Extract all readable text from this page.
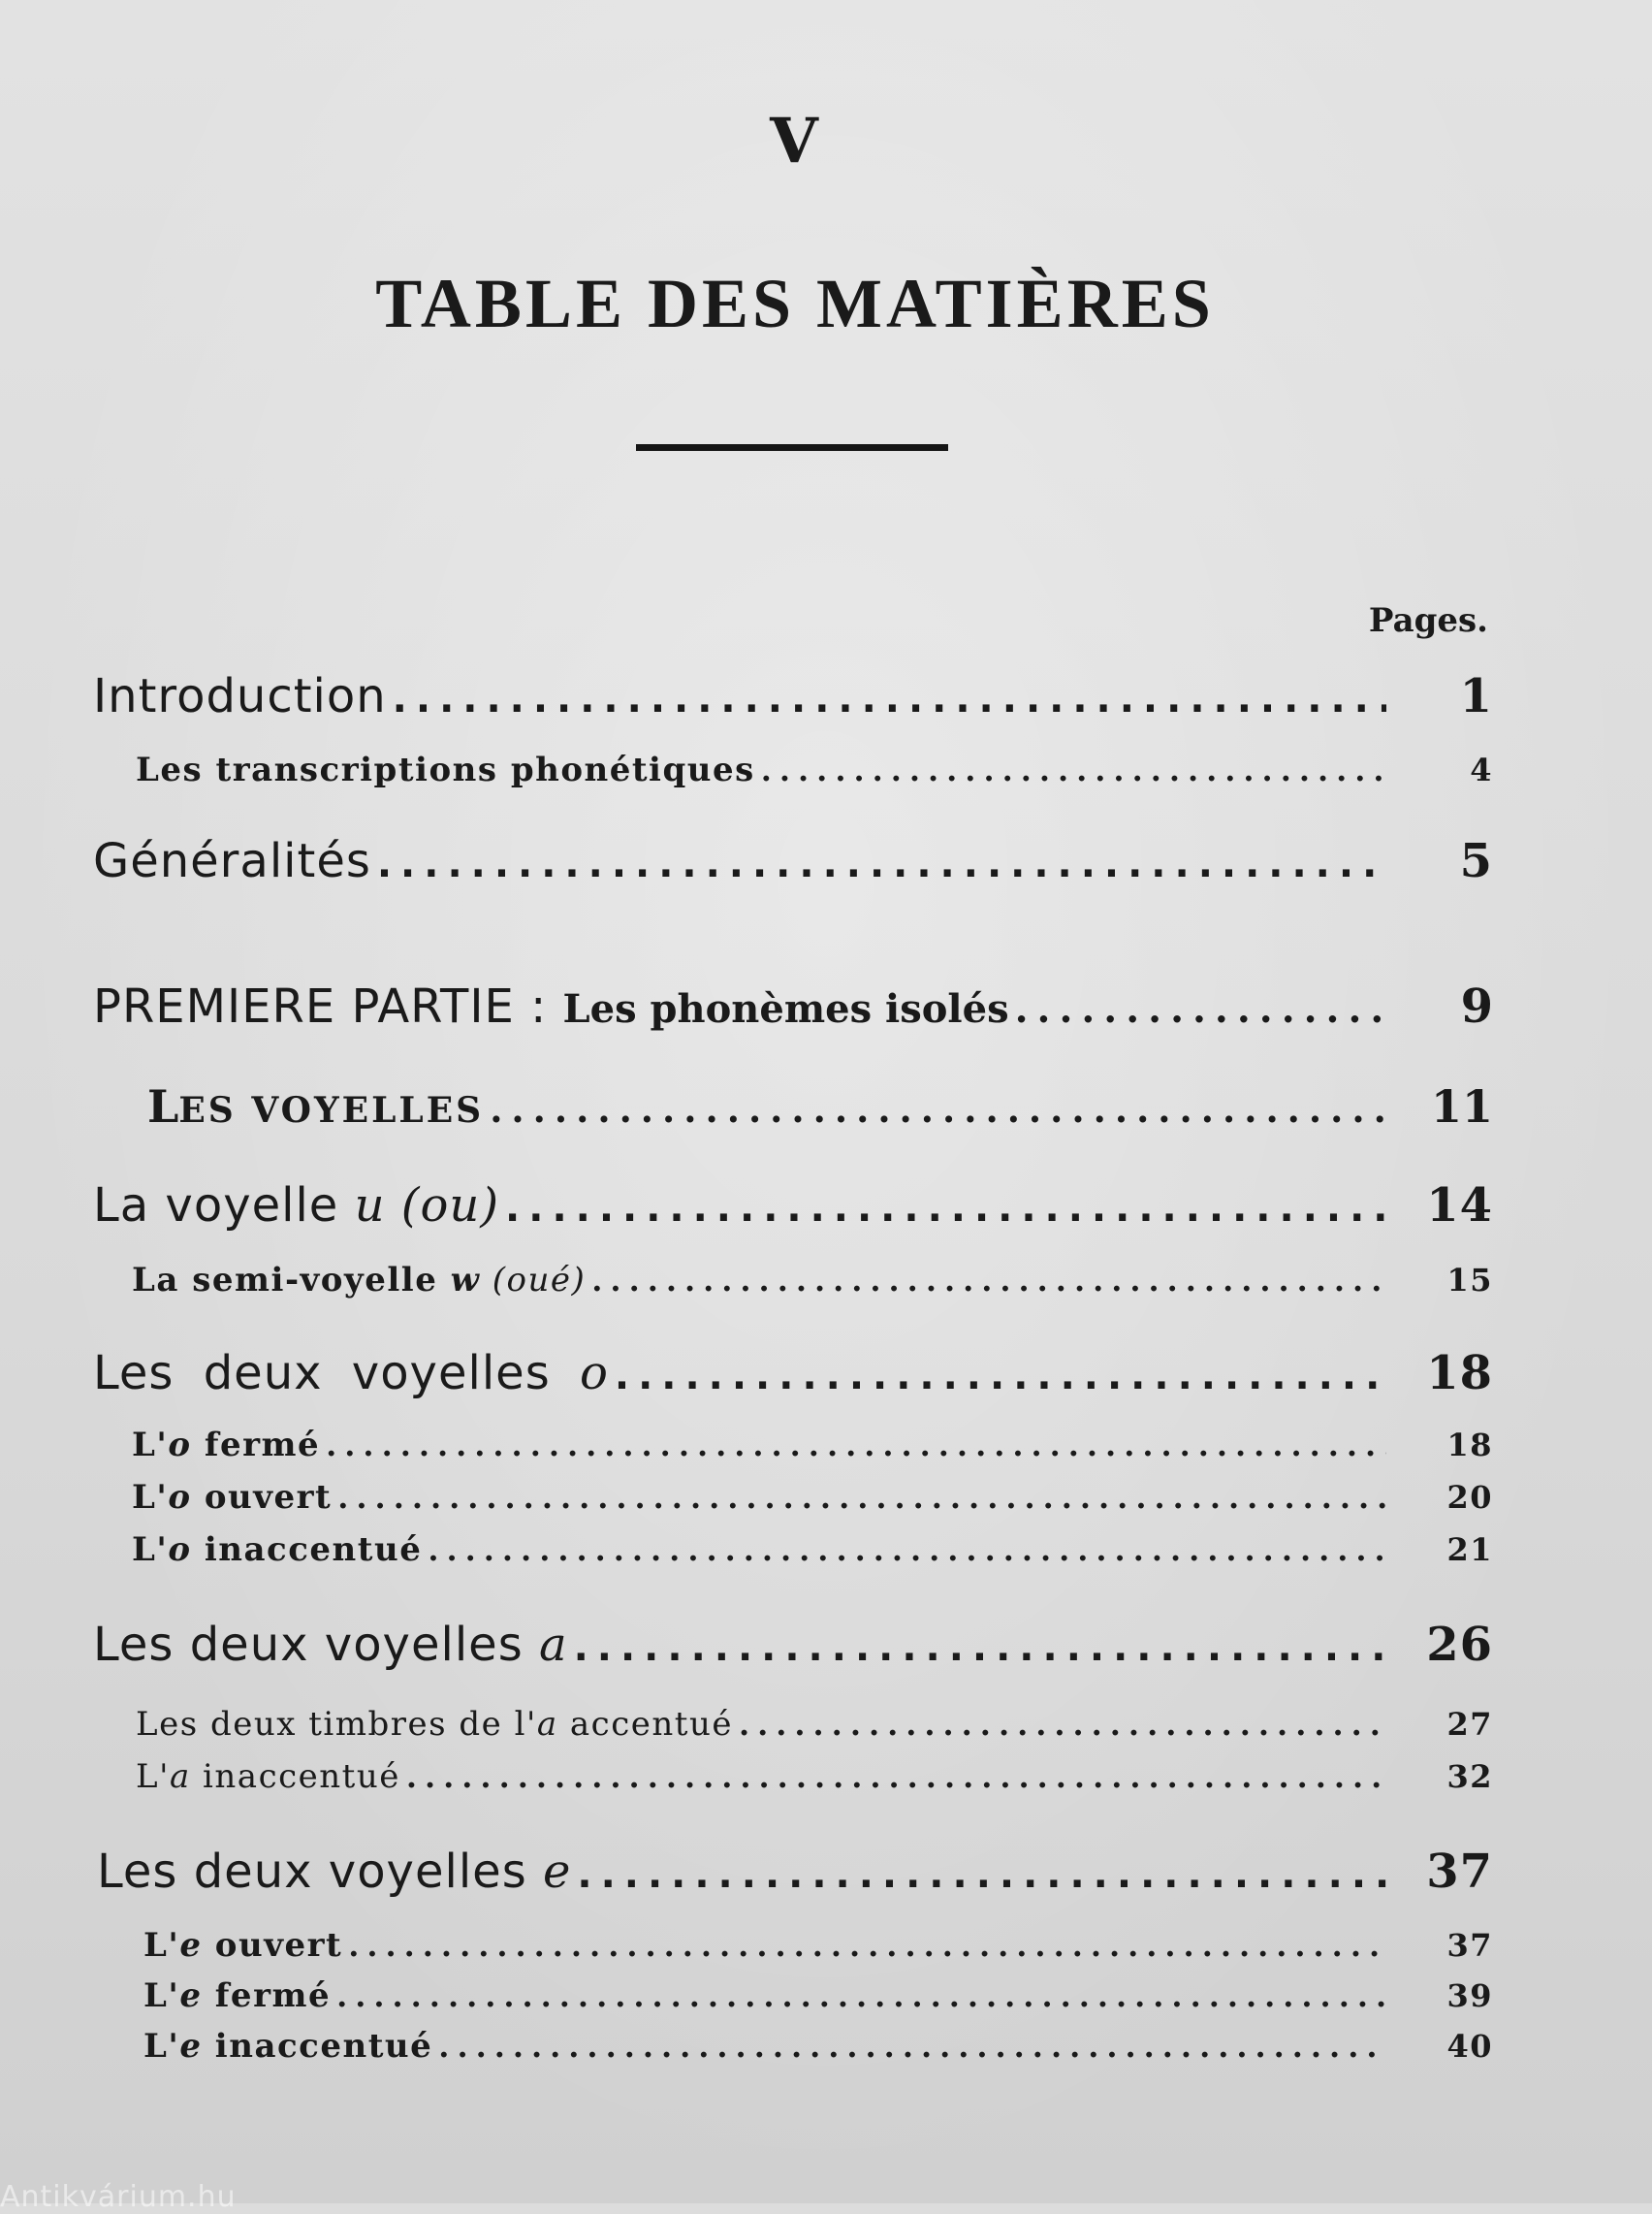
V
TABLE DES MATIÈRES
Pages.
Introduction .....	1
Les transcriptions phonétiques .....	4
Généralités .....	5
PREMIERE PARTIE : Les phonèmes isolés .....	9
LES VOYELLES .....	11
La voyelle u (ou) .....	14
La semi-voyelle w (oué) .....	15
Les deux voyelles o .....	18
L'o fermé .....	18
L'o ouvert .....	20
L'o inaccentué .....	21
Les deux voyelles a .....	26
Les deux timbres de l'a accentué .....	27
L'a inaccentué .....	32
Les deux voyelles e .....	37
L'e ouvert .....	37
L'e fermé .....	39
L'e inaccentué .....	40
Antikvárium.hu
